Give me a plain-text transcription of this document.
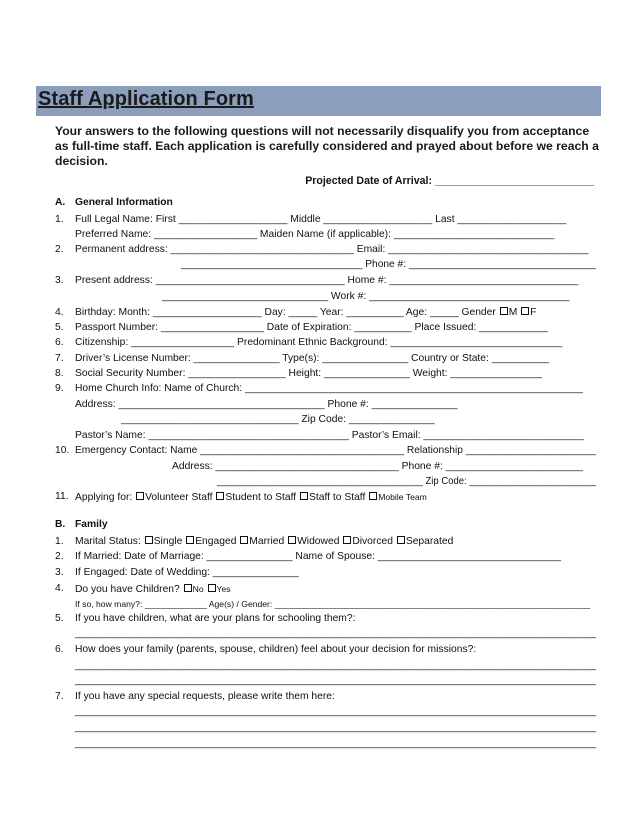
Staff Application Form
Your answers to the following questions will not necessarily disqualify you from acceptance as full-time staff. Each application is carefully considered and prayed about before we reach a decision.
Projected Date of Arrival: ___________________________
A. General Information
1. Full Legal Name: First ___________________ Middle ___________________ Last ___________________
Preferred Name: __________________ Maiden Name (if applicable): ____________________________
2. Permanent address: ________________________________ Email: ___________________________________
________________________________ Phone #: _________________________________
3. Present address: _________________________________ Home #: _________________________________
_____________________________ Work #: ___________________________________
4. Birthday: Month: ___________________ Day: _____ Year: __________ Age: _____ Gender M F
5. Passport Number: __________________ Date of Expiration: __________ Place Issued: ____________
6. Citizenship: __________________ Predominant Ethnic Background: ______________________________
7. Driver’s License Number: _______________ Type(s): _______________ Country or State: __________
8. Social Security Number: _________________ Height: _______________ Weight: ________________
9. Home Church Info: Name of Church: ___________________________________________________________
Address: ____________________________________ Phone #: _______________
_______________________________ Zip Code: _______________
Pastor’s Name: ___________________________________ Pastor’s Email: ____________________________
10. Emergency Contact: Name ____________________________________ Relationship _______________________
Address: ________________________________ Phone #: ________________________
_______________________________________ Zip Code: ________________________
11. Applying for: Volunteer Staff Student to Staff Staff to Staff Mobile Team
B. Family
1. Marital Status: Single Engaged Married Widowed Divorced Separated
2. If Married: Date of Marriage: _______________ Name of Spouse: ________________________________
3. If Engaged: Date of Wedding: _______________
4. Do you have Children? No Yes
If so, how many?: _____________ Age(s) / Gender: __________________________________________________________________
5. If you have children, what are your plans for schooling them?:
________________________________________________________________________________________________
6. How does your family (parents, spouse, children) feel about your decision for missions?:
________________________________________________________________________________________________
________________________________________________________________________________________________
7. If you have any special requests, please write them here:
________________________________________________________________________________________________
________________________________________________________________________________________________
________________________________________________________________________________________________
